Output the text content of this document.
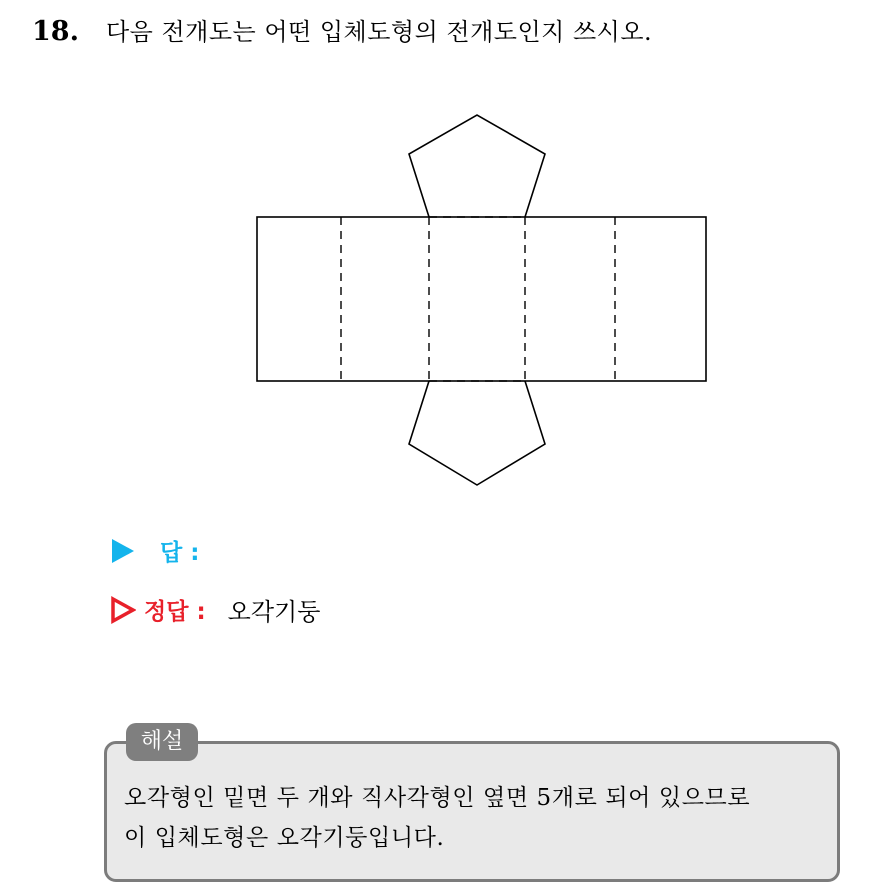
18.	다음 전개도는 어떤 입체도형의 전개도인지 쓰시오.
답 :
정답 : 오각기둥
해설
오각형인 밑면 두 개와 직사각형인 옆면 5개로 되어 있으므로
이 입체도형은 오각기둥입니다.
